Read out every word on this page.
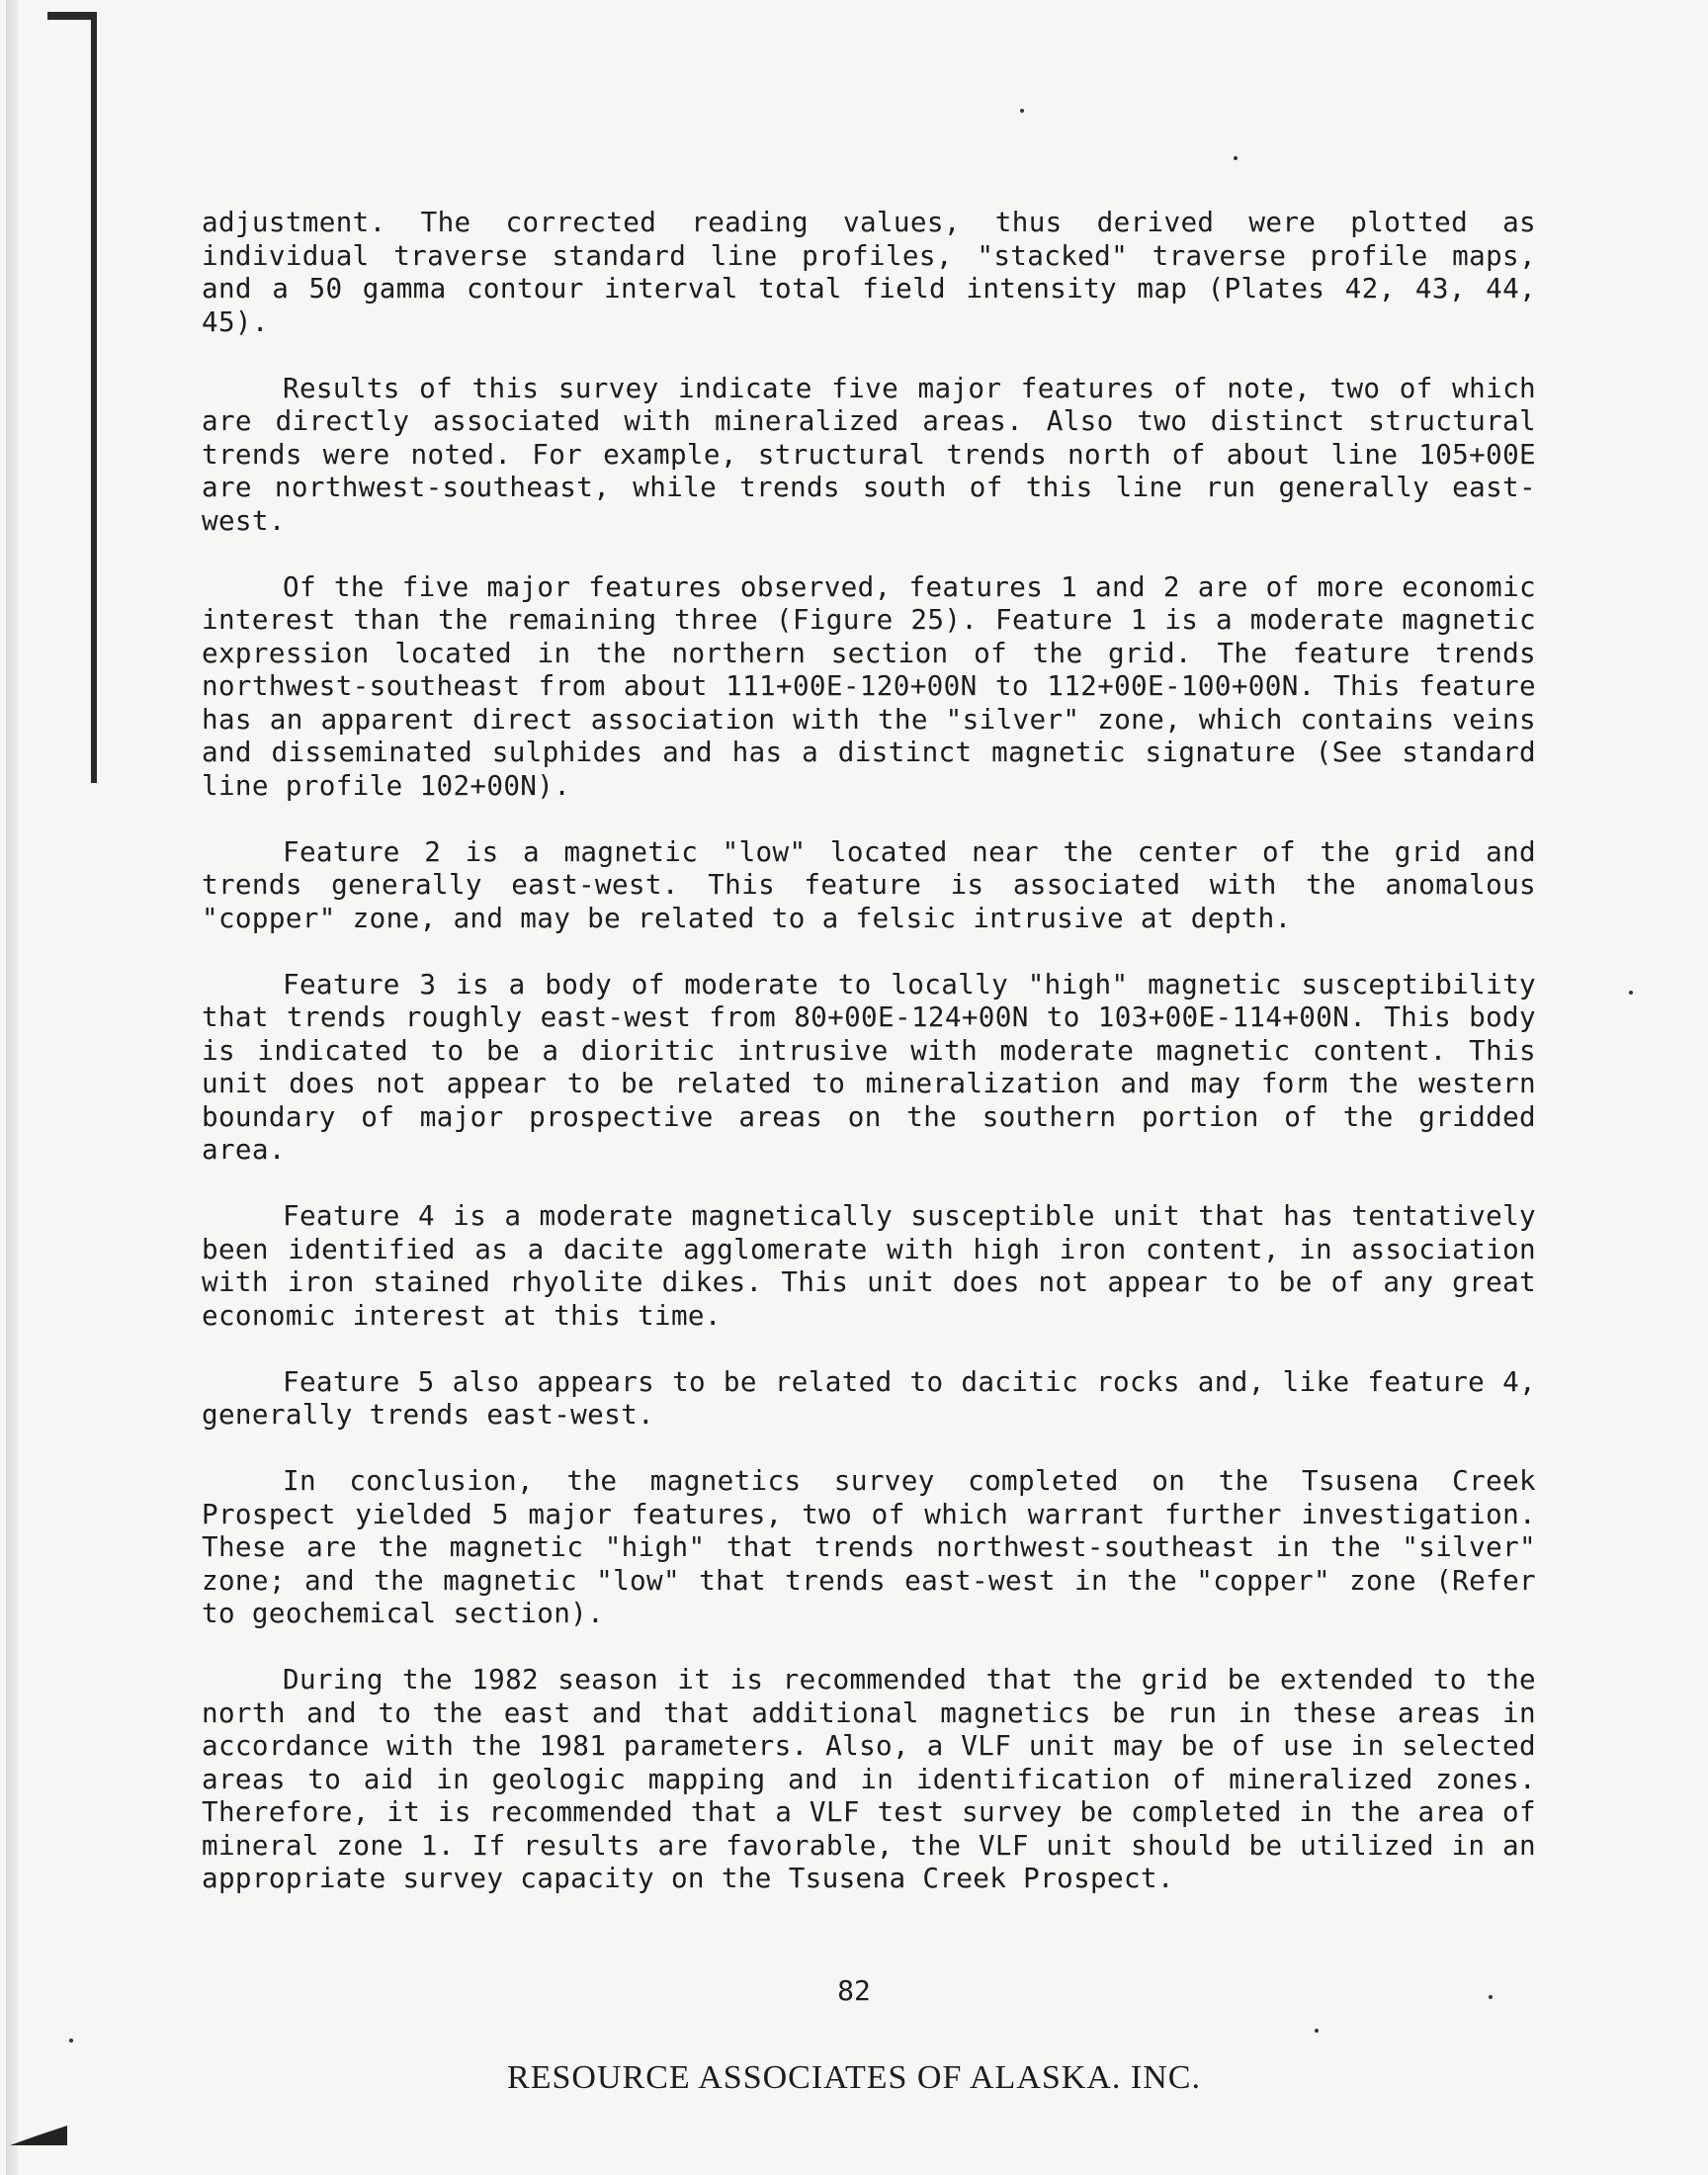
adjustment. The corrected reading values, thus derived were plotted as individual traverse standard line profiles, "stacked" traverse profile maps, and a 50 gamma contour interval total field intensity map (Plates 42, 43, 44, 45).

Results of this survey indicate five major features of note, two of which are directly associated with mineralized areas. Also two distinct structural trends were noted. For example, structural trends north of about line 105+00E are northwest-southeast, while trends south of this line run generally east-west.

Of the five major features observed, features 1 and 2 are of more economic interest than the remaining three (Figure 25). Feature 1 is a moderate magnetic expression located in the northern section of the grid. The feature trends northwest-southeast from about 111+00E-120+00N to 112+00E-100+00N. This feature has an apparent direct association with the "silver" zone, which contains veins and disseminated sulphides and has a distinct magnetic signature (See standard line profile 102+00N).

Feature 2 is a magnetic "low" located near the center of the grid and trends generally east-west. This feature is associated with the anomalous "copper" zone, and may be related to a felsic intrusive at depth.

Feature 3 is a body of moderate to locally "high" magnetic susceptibility that trends roughly east-west from 80+00E-124+00N to 103+00E-114+00N. This body is indicated to be a dioritic intrusive with moderate magnetic content. This unit does not appear to be related to mineralization and may form the western boundary of major prospective areas on the southern portion of the gridded area.

Feature 4 is a moderate magnetically susceptible unit that has tentatively been identified as a dacite agglomerate with high iron content, in association with iron stained rhyolite dikes. This unit does not appear to be of any great economic interest at this time.

Feature 5 also appears to be related to dacitic rocks and, like feature 4, generally trends east-west.

In conclusion, the magnetics survey completed on the Tsusena Creek Prospect yielded 5 major features, two of which warrant further investigation. These are the magnetic "high" that trends northwest-southeast in the "silver" zone; and the magnetic "low" that trends east-west in the "copper" zone (Refer to geochemical section).

During the 1982 season it is recommended that the grid be extended to the north and to the east and that additional magnetics be run in these areas in accordance with the 1981 parameters. Also, a VLF unit may be of use in selected areas to aid in geologic mapping and in identification of mineralized zones. Therefore, it is recommended that a VLF test survey be completed in the area of mineral zone 1. If results are favorable, the VLF unit should be utilized in an appropriate survey capacity on the Tsusena Creek Prospect.

82
RESOURCE ASSOCIATES OF ALASKA. INC.
